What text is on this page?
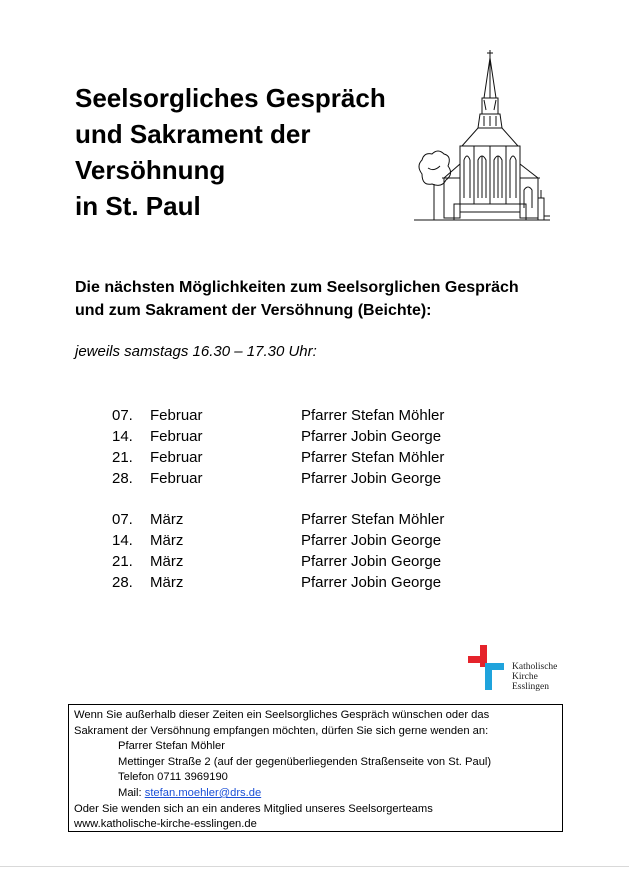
Seelsorgliches Gespräch
und Sakrament der
Versöhnung
in St. Paul
Die nächsten Möglichkeiten zum Seelsorglichen Gespräch
und zum Sakrament der Versöhnung (Beichte):
jeweils samstags 16.30 – 17.30 Uhr:
07. Februar	Pfarrer Stefan Möhler
14. Februar	Pfarrer Jobin George
21. Februar	Pfarrer Stefan Möhler
28. Februar	Pfarrer Jobin George
07. März	Pfarrer Stefan Möhler
14. März	Pfarrer Jobin George
21. März	Pfarrer Jobin George
28. März	Pfarrer Jobin George
Katholische
Kirche
Esslingen
Wenn Sie außerhalb dieser Zeiten ein Seelsorgliches Gespräch wünschen oder das
Sakrament der Versöhnung empfangen möchten, dürfen Sie sich gerne wenden an:
Pfarrer Stefan Möhler
Mettinger Straße 2 (auf der gegenüberliegenden Straßenseite von St. Paul)
Telefon 0711 3969190
Mail: stefan.moehler@drs.de
Oder Sie wenden sich an ein anderes Mitglied unseres Seelsorgerteams
www.katholische-kirche-esslingen.de
